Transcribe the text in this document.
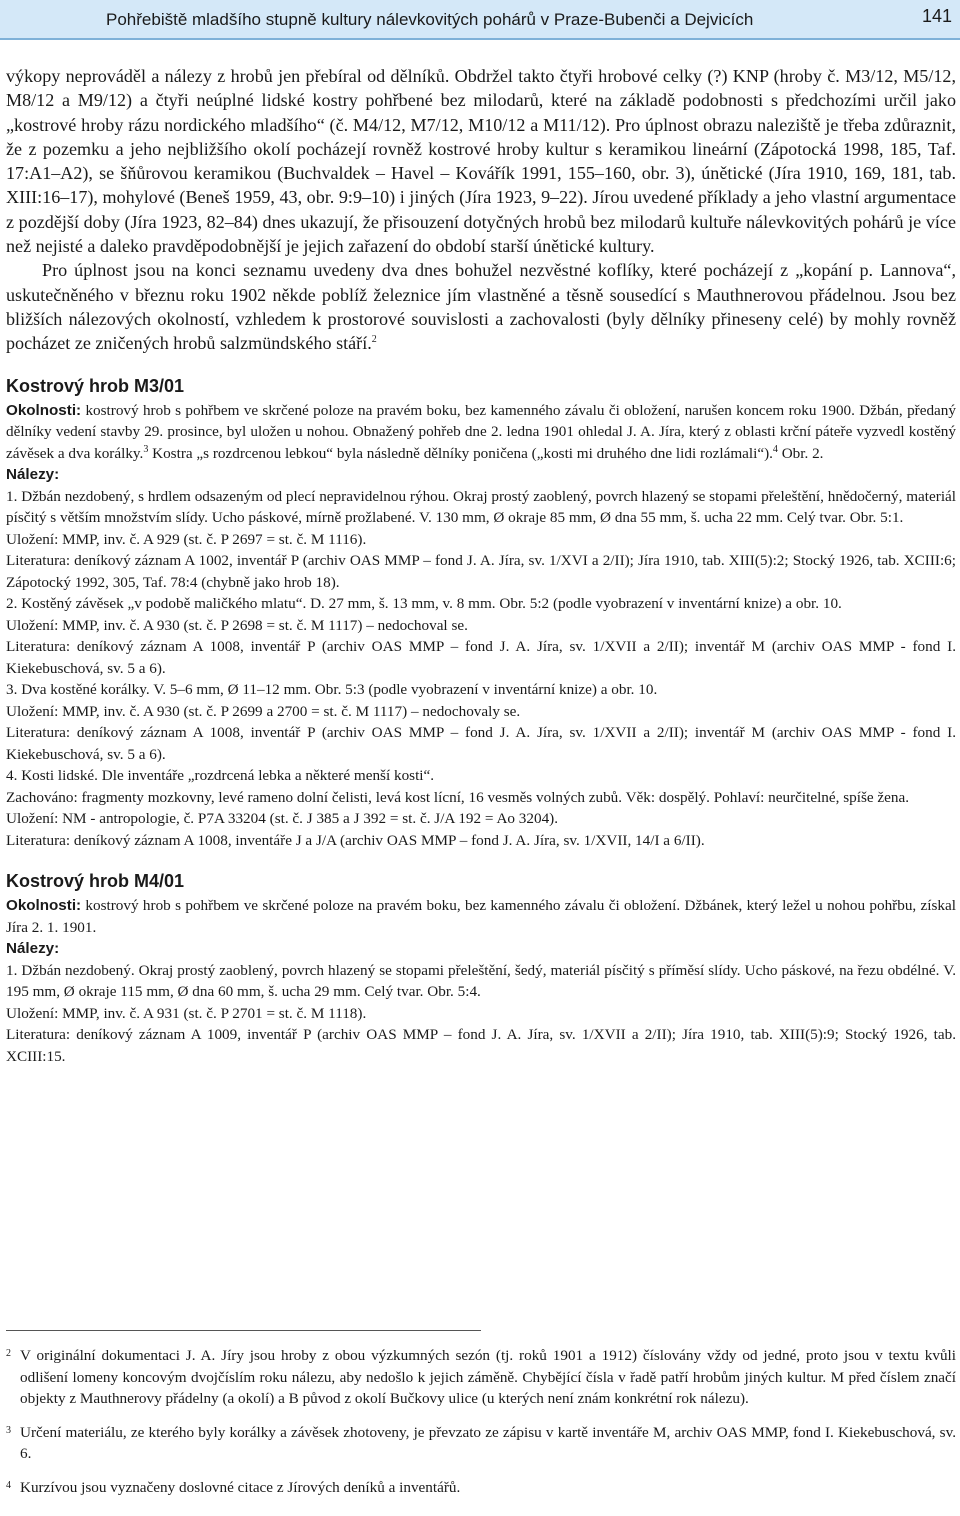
Pohřebiště mladšího stupně kultury nálevkovitých pohárů v Praze-Bubenči a Dejvicích	141

výkopy neprováděl a nálezy z hrobů jen přebíral od dělníků. Obdržel takto čtyři hrobové celky (?) KNP (hroby č. M3/12, M5/12, M8/12 a M9/12) a čtyři neúplné lidské kostry pohřbené bez milodarů, které na základě podobnosti s předchozími určil jako „kostrové hroby rázu nordického mladšího“ (č. M4/12, M7/12, M10/12 a M11/12). Pro úplnost obrazu naleziště je třeba zdůraznit, že z pozemku a jeho nejbližšího okolí pocházejí rovněž kostrové hroby kultur s keramikou lineární (Zápotocká 1998, 185, Taf. 17:A1–A2), se šňůrovou keramikou (Buchvaldek – Havel – Kovářík 1991, 155–160, obr. 3), únětické (Jíra 1910, 169, 181, tab. XIII:16–17), mohylové (Beneš 1959, 43, obr. 9:9–10) i jiných (Jíra 1923, 9–22). Jírou uvedené příklady a jeho vlastní argumentace z pozdější doby (Jíra 1923, 82–84) dnes ukazují, že přisouzení dotyčných hrobů bez milodarů kultuře nálevkovitých pohárů je více než nejisté a daleko pravděpodobnější je jejich zařazení do období starší únětické kultury.

Pro úplnost jsou na konci seznamu uvedeny dva dnes bohužel nezvěstné koflíky, které pocházejí z „kopání p. Lannova“, uskutečněného v březnu roku 1902 někde poblíž železnice jím vlastněné a těsně sousedící s Mauthnerovou přádelnou. Jsou bez bližších nálezových okolností, vzhledem k prostorové souvislosti a zachovalosti (byly dělníky přineseny celé) by mohly rovněž pocházet ze zničených hrobů salzmündského stáří.$^2$

Kostrový hrob M3/01

Okolnosti: kostrový hrob s pohřbem ve skrčené poloze na pravém boku, bez kamenného závalu či obložení, narušen koncem roku 1900. Džbán, předaný dělníky vedení stavby 29. prosince, byl uložen u nohou. Obnažený pohřeb dne 2. ledna 1901 ohledal J. A. Jíra, který z oblasti krční páteře vyzvedl kostěný závěsek a dva korálky.$^3$ Kostra „s rozdrcenou lebkou“ byla následně dělníky poničena („kosti mi druhého dne lidi rozlámali“).$^4$ Obr. 2.

Nálezy:

1. Džbán nezdobený, s hrdlem odsazeným od plecí nepravidelnou rýhou. Okraj prostý zaoblený, povrch hlazený se stopami přeleštění, hnědočerný, materiál písčitý s větším množstvím slídy. Ucho páskové, mírně prožlabené. V. 130 mm, Ø okraje 85 mm, Ø dna 55 mm, š. ucha 22 mm. Celý tvar. Obr. 5:1.

Uložení: MMP, inv. č. A 929 (st. č. P 2697 = st. č. M 1116).

Literatura: deníkový záznam A 1002, inventář P (archiv OAS MMP – fond J. A. Jíra, sv. 1/XVI a 2/II); Jíra 1910, tab. XIII(5):2; Stocký 1926, tab. XCIII:6; Zápotocký 1992, 305, Taf. 78:4 (chybně jako hrob 18).

2. Kostěný závěsek „v podobě maličkého mlatu“. D. 27 mm, š. 13 mm, v. 8 mm. Obr. 5:2 (podle vyobrazení v inventární knize) a obr. 10.

Uložení: MMP, inv. č. A 930 (st. č. P 2698 = st. č. M 1117) – nedochoval se.

Literatura: deníkový záznam A 1008, inventář P (archiv OAS MMP – fond J. A. Jíra, sv. 1/XVII a 2/II); inventář M (archiv OAS MMP - fond I. Kiekebuschová, sv. 5 a 6).

3. Dva kostěné korálky. V. 5–6 mm, Ø 11–12 mm. Obr. 5:3 (podle vyobrazení v inventární knize) a obr. 10.

Uložení: MMP, inv. č. A 930 (st. č. P 2699 a 2700 = st. č. M 1117) – nedochovaly se.

Literatura: deníkový záznam A 1008, inventář P (archiv OAS MMP – fond J. A. Jíra, sv. 1/XVII a 2/II); inventář M (archiv OAS MMP - fond I. Kiekebuschová, sv. 5 a 6).

4. Kosti lidské. Dle inventáře „rozdrcená lebka a některé menší kosti“.

Zachováno: fragmenty mozkovny, levé rameno dolní čelisti, levá kost lícní, 16 vesměs volných zubů. Věk: dospělý. Pohlaví: neurčitelné, spíše žena.

Uložení: NM - antropologie, č. P7A 33204 (st. č. J 385 a J 392 = st. č. J/A 192 = Ao 3204).

Literatura: deníkový záznam A 1008, inventáře J a J/A (archiv OAS MMP – fond J. A. Jíra, sv. 1/XVII, 14/I a 6/II).

Kostrový hrob M4/01

Okolnosti: kostrový hrob s pohřbem ve skrčené poloze na pravém boku, bez kamenného závalu či obložení. Džbánek, který ležel u nohou pohřbu, získal Jíra 2. 1. 1901.

Nálezy:

1. Džbán nezdobený. Okraj prostý zaoblený, povrch hlazený se stopami přeleštění, šedý, materiál písčitý s příměsí slídy. Ucho páskové, na řezu obdélné. V. 195 mm, Ø okraje 115 mm, Ø dna 60 mm, š. ucha 29 mm. Celý tvar. Obr. 5:4.

Uložení: MMP, inv. č. A 931 (st. č. P 2701 = st. č. M 1118).

Literatura: deníkový záznam A 1009, inventář P (archiv OAS MMP – fond J. A. Jíra, sv. 1/XVII a 2/II); Jíra 1910, tab. XIII(5):9; Stocký 1926, tab. XCIII:15.

$^2$ V originální dokumentaci J. A. Jíry jsou hroby z obou výzkumných sezón (tj. roků 1901 a 1912) číslovány vždy od jedné, proto jsou v textu kvůli odlišení lomeny koncovým dvojčíslím roku nálezu, aby nedošlo k jejich záměně. Chybějící čísla v řadě patří hrobům jiných kultur. M před číslem značí objekty z Mauthnerovy přádelny (a okolí) a B původ z okolí Bučkovy ulice (u kterých není znám konkrétní rok nálezu).

$^3$ Určení materiálu, ze kterého byly korálky a závěsek zhotoveny, je převzato ze zápisu v kartě inventáře M, archiv OAS MMP, fond I. Kiekebuschová, sv. 6.

$^4$ Kurzívou jsou vyznačeny doslovné citace z Jírových deníků a inventářů.
